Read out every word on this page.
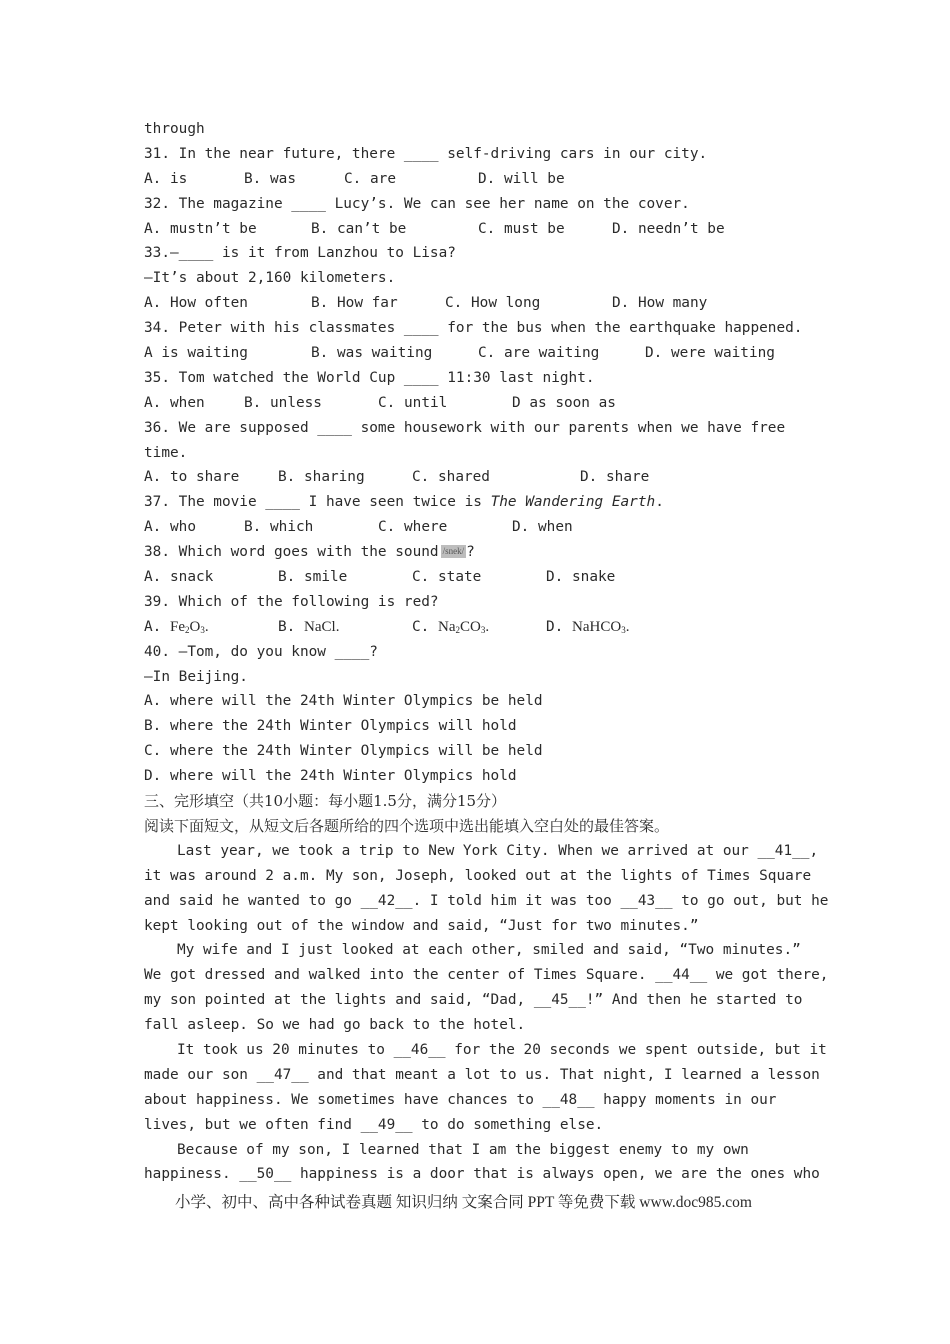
through
31. In the near future, there ____ self-driving cars in our city.
A. is	B. was	C. are	D. will be
32. The magazine ____ Lucy’s. We can see her name on the cover.
A. mustn’t be	B. can’t be	C. must be	D. needn’t be
33.—____ is it from Lanzhou to Lisa?
—It’s about 2,160 kilometers.
A. How often	B. How far	C. How long	D. How many
34. Peter with his classmates ____ for the bus when the earthquake happened.
A is waiting	B. was waiting	C. are waiting	D. were waiting
35. Tom watched the World Cup ____ 11:30 last night.
A. when	B. unless	C. until	D as soon as
36. We are supposed ____ some housework with our parents when we have free
time.
A. to share	B. sharing	C. shared	D. share
37. The movie ____ I have seen twice is The Wandering Earth.
A. who	B. which	C. where	D. when
38. Which word goes with the sound /snek/ ?
A. snack	B. smile	C. state	D. snake
39. Which of the following is red?
A. $Fe_2O_3$.	B. NaCl.	C. $Na_2CO_3$.	D. NaHCO$_3$.
40. —Tom, do you know ____?
—In Beijing.
A. where will the 24th Winter Olympics be held
B. where the 24th Winter Olympics will hold
C. where the 24th Winter Olympics will be held
D. where will the 24th Winter Olympics hold
三、完形填空（共10小题：每小题1.5分，满分15分）
阅读下面短文，从短文后各题所给的四个选项中选出能填入空白处的最佳答案。
Last year, we took a trip to New York City. When we arrived at our __41__,
it was around 2 a.m. My son, Joseph, looked out at the lights of Times Square
and said he wanted to go __42__. I told him it was too __43__ to go out, but he
kept looking out of the window and said, “Just for two minutes.”
My wife and I just looked at each other, smiled and said, “Two minutes.”
We got dressed and walked into the center of Times Square. __44__ we got there,
my son pointed at the lights and said, “Dad, __45__!” And then he started to
fall asleep. So we had go back to the hotel.
It took us 20 minutes to __46__ for the 20 seconds we spent outside, but it
made our son __47__ and that meant a lot to us. That night, I learned a lesson
about happiness. We sometimes have chances to __48__ happy moments in our
lives, but we often find __49__ to do something else.
Because of my son, I learned that I am the biggest enemy to my own
happiness. __50__ happiness is a door that is always open, we are the ones who
小学、初中、高中各种试卷真题 知识归纳 文案合同 PPT 等免费下载 www.doc985.com
